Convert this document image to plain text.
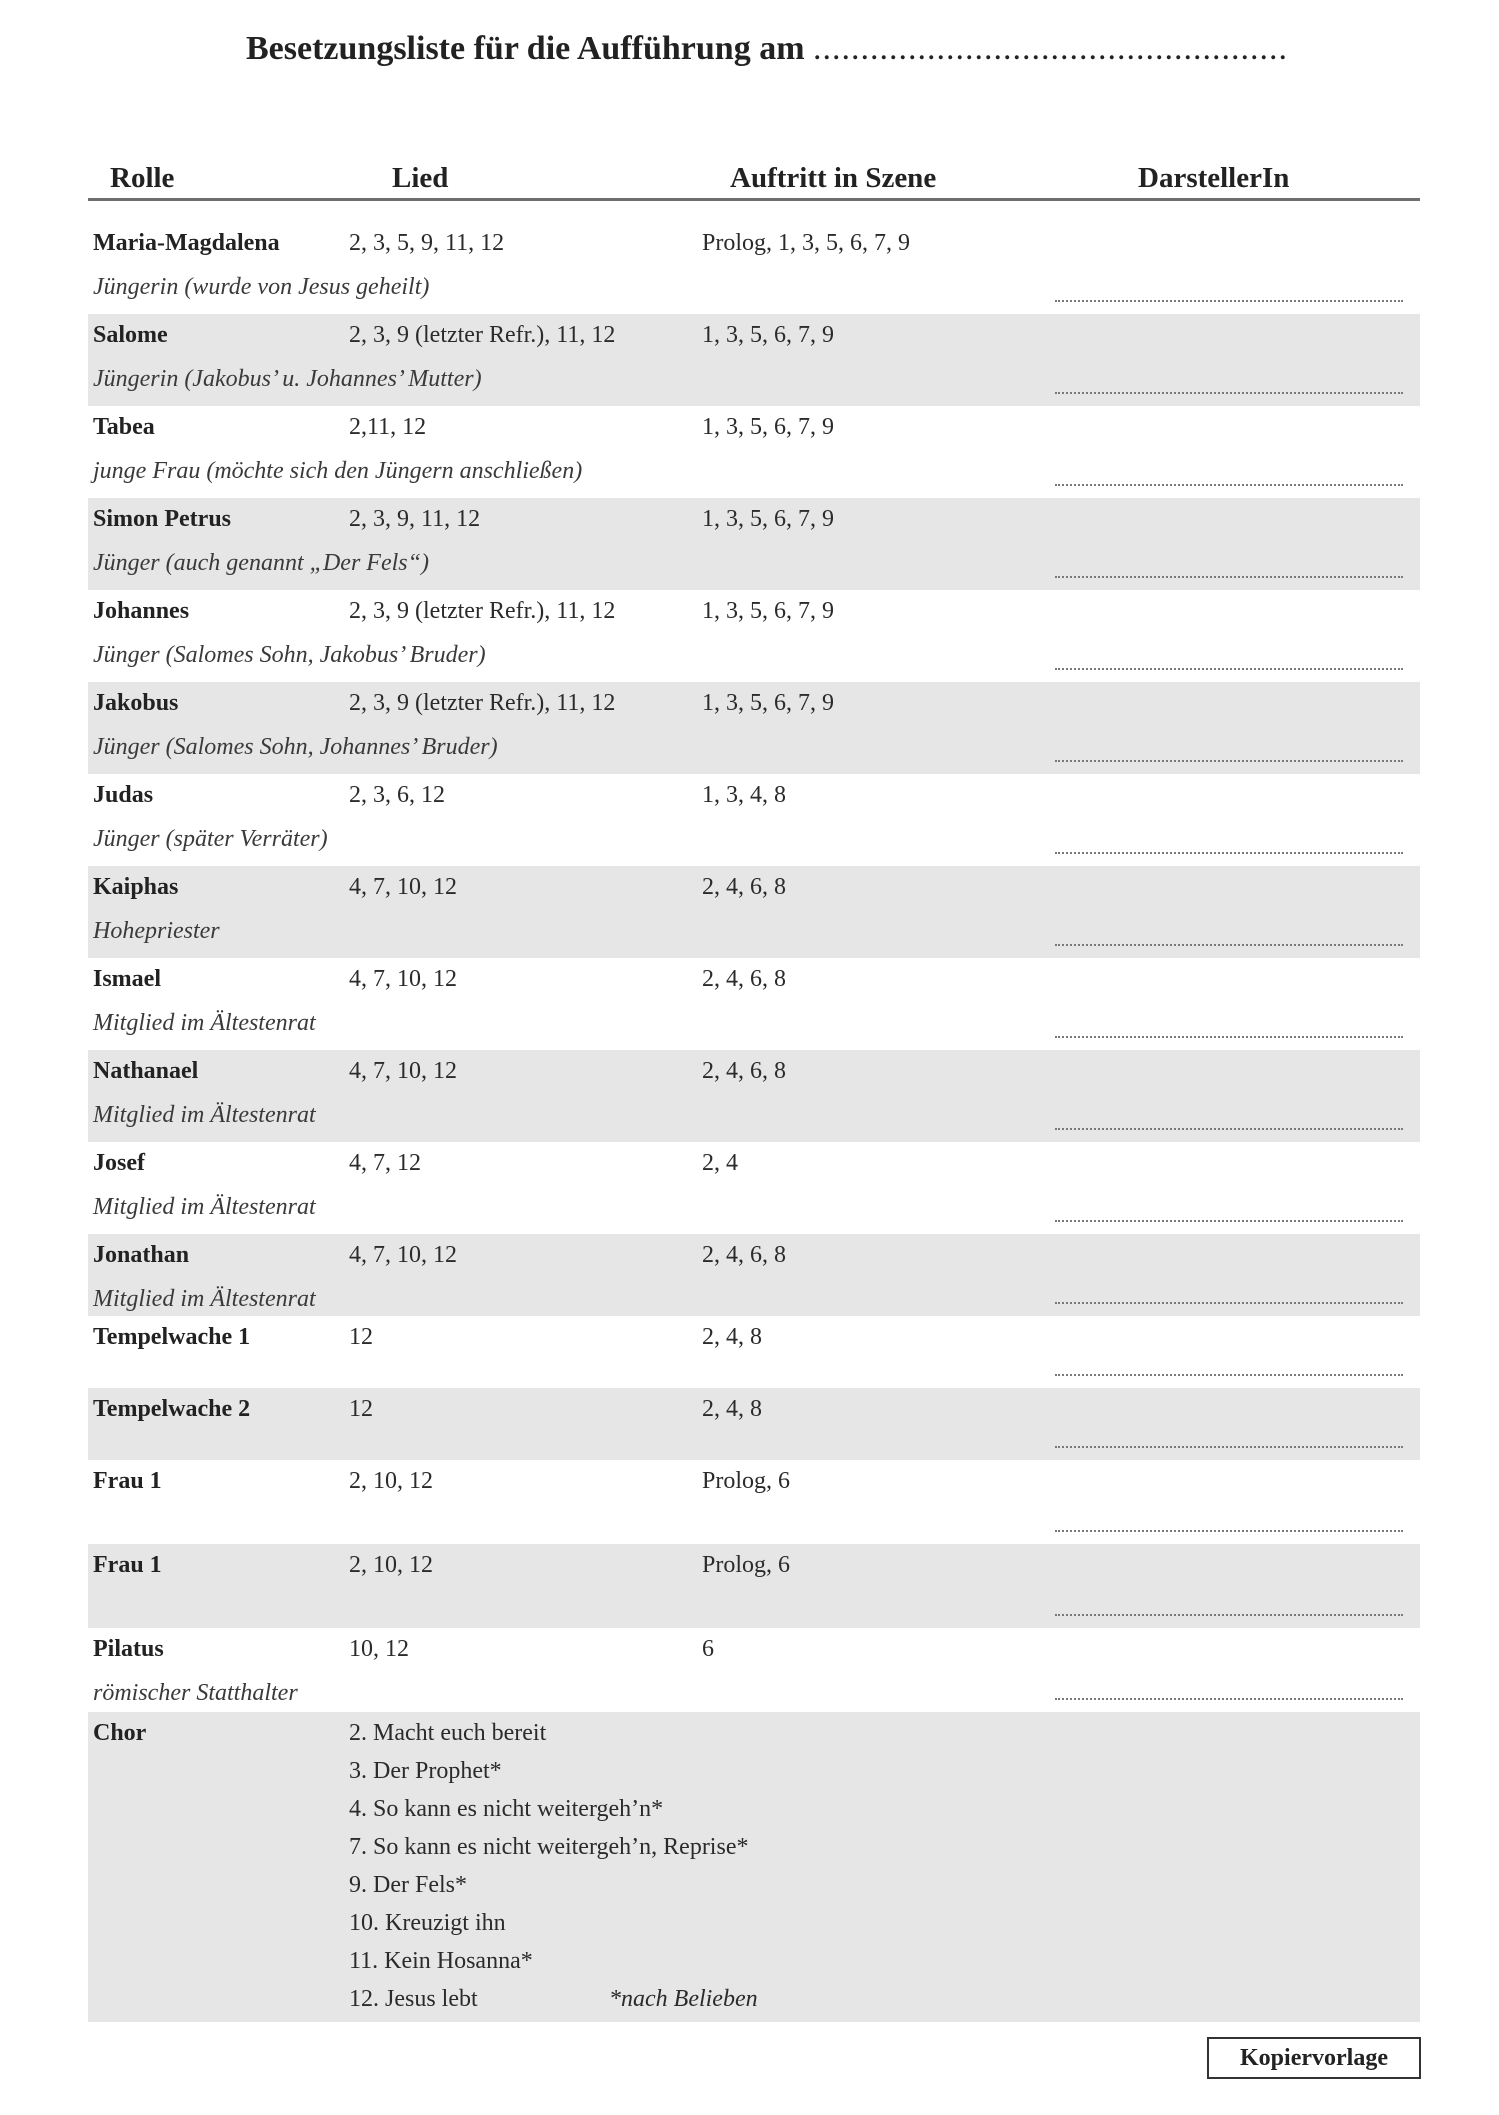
Besetzungsliste für die Aufführung am ..................................................
Rolle	Lied	Auftritt in Szene	DarstellerIn
Maria-Magdalena	2, 3, 5, 9, 11, 12	Prolog, 1, 3, 5, 6, 7, 9
Jüngerin (wurde von Jesus geheilt)
Salome	2, 3, 9 (letzter Refr.), 11, 12	1, 3, 5, 6, 7, 9
Jüngerin (Jakobus’ u. Johannes’ Mutter)
Tabea	2,11, 12	1, 3, 5, 6, 7, 9
junge Frau (möchte sich den Jüngern anschließen)
Simon Petrus	2, 3, 9, 11, 12	1, 3, 5, 6, 7, 9
Jünger (auch genannt „Der Fels“)
Johannes	2, 3, 9 (letzter Refr.), 11, 12	1, 3, 5, 6, 7, 9
Jünger (Salomes Sohn, Jakobus’ Bruder)
Jakobus	2, 3, 9 (letzter Refr.), 11, 12	1, 3, 5, 6, 7, 9
Jünger (Salomes Sohn, Johannes’ Bruder)
Judas	2, 3, 6, 12	1, 3, 4, 8
Jünger (später Verräter)
Kaiphas	4, 7, 10, 12	2, 4, 6, 8
Hohepriester
Ismael	4, 7, 10, 12	2, 4, 6, 8
Mitglied im Ältestenrat
Nathanael	4, 7, 10, 12	2, 4, 6, 8
Mitglied im Ältestenrat
Josef	4, 7, 12	2, 4
Mitglied im Ältestenrat
Jonathan	4, 7, 10, 12	2, 4, 6, 8
Mitglied im Ältestenrat
Tempelwache 1	12	2, 4, 8
Tempelwache 2	12	2, 4, 8
Frau 1	2, 10, 12	Prolog, 6
Frau 1	2, 10, 12	Prolog, 6
Pilatus	10, 12	6
römischer Statthalter
Chor	2. Macht euch bereit
3. Der Prophet*
4. So kann es nicht weitergeh’n*
7. So kann es nicht weitergeh’n, Reprise*
9. Der Fels*
10. Kreuzigt ihn
11. Kein Hosanna*
12. Jesus lebt	*nach Belieben
Kopiervorlage
